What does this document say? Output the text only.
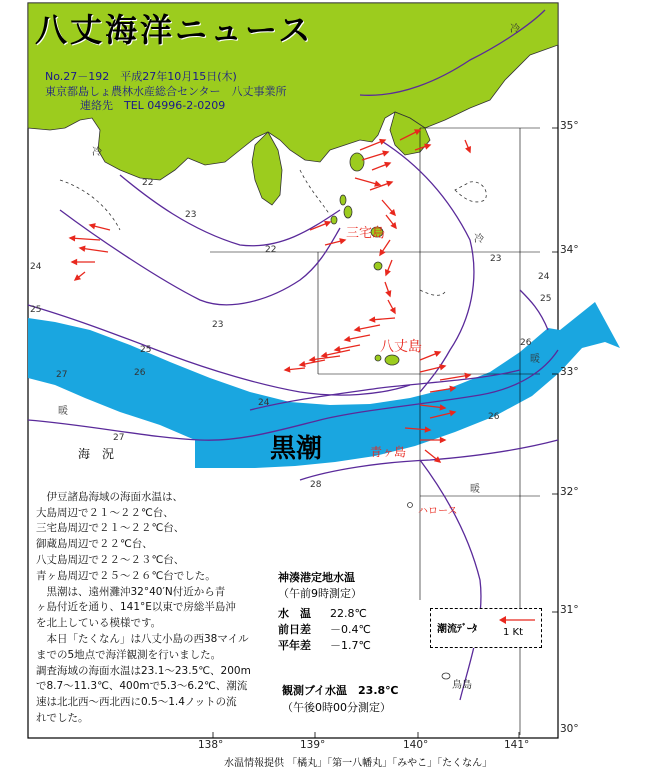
八丈海洋ニュース
No.27－192　平成27年10月15日(木)
東京都島しょ農林水産総合センター　八丈事業所
連絡先　TEL 04996-2-0209
35°
34°
33°
32°
31°
30°
138°	139°	140°	141°
黒潮
海　況
三宅島
八丈島
青ヶ島
ハロース
鳥島
冷
冷
冷
暖
暖
暖
22
22
23
23
23
24
24
24
25
25
25
26
26
26
27
27
28

　伊豆諸島海域の海面水温は、
大島周辺で２１～２２℃台、
三宅島周辺で２１～２２℃台、
御蔵島周辺で２２℃台、
八丈島周辺で２２～２３℃台、
青ヶ島周辺で２５～２６℃台でした。
　黒潮は、遠州灘沖32°40′N付近から青
ヶ島付近を通り、141°E以東で房総半島沖
を北上している模様です。
　本日「たくなん」は八丈小島の西38マイル
までの5地点で海洋観測を行いました。
調査海域の海面水温は23.1～23.5℃、200m
で8.7～11.3℃、400mで5.3～6.2℃、潮流
速は北北西～西北西に0.5～1.4ノットの流
れでした。

神湊港定地水温
（午前9時測定）
水　温 22.8℃
前日差 －0.4℃
平年差 －1.7℃
観測ブイ水温　23.8℃
（午後0時00分測定）
潮流ﾃﾞｰﾀ	1 Kt
水温情報提供 「橘丸」「第一八幡丸」「みやこ」「たくなん」
